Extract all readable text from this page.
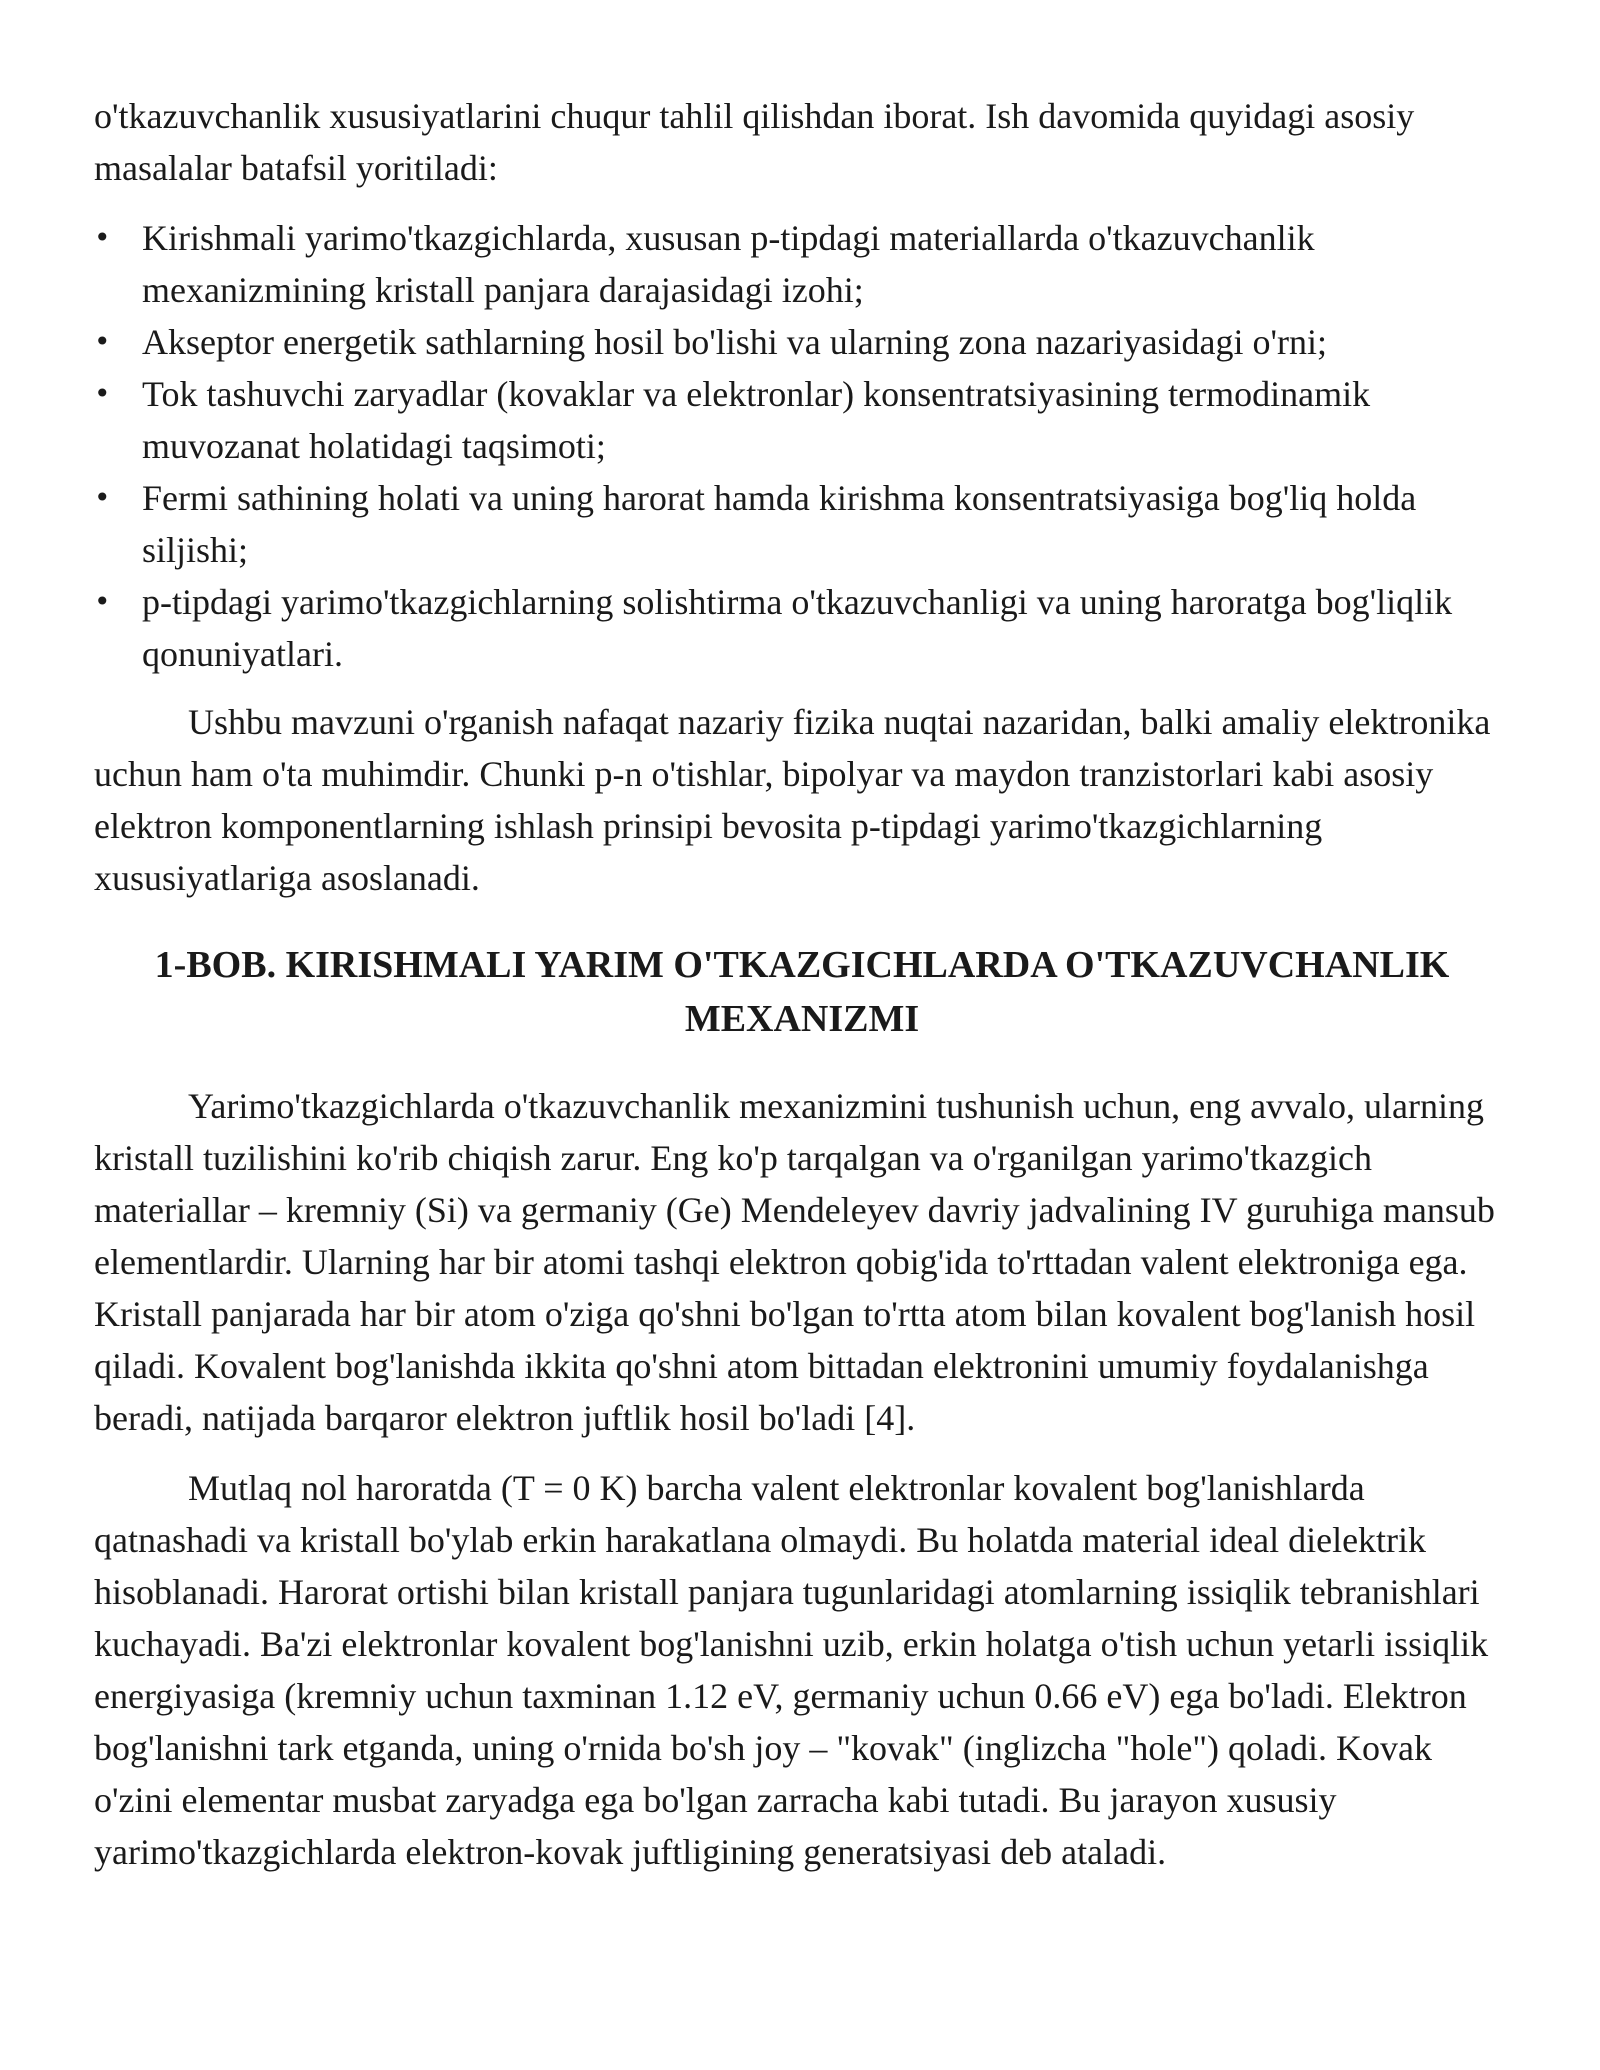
o'tkazuvchanlik xususiyatlarini chuqur tahlil qilishdan iborat. Ish davomida quyidagi asosiy masalalar batafsil yoritiladi:

• Kirishmali yarimo'tkazgichlarda, xususan p-tipdagi materiallarda o'tkazuvchanlik mexanizmining kristall panjara darajasidagi izohi;
• Akseptor energetik sathlarning hosil bo'lishi va ularning zona nazariyasidagi o'rni;
• Tok tashuvchi zaryadlar (kovaklar va elektronlar) konsentratsiyasining termodinamik muvozanat holatidagi taqsimoti;
• Fermi sathining holati va uning harorat hamda kirishma konsentratsiyasiga bog'liq holda siljishi;
• p-tipdagi yarimo'tkazgichlarning solishtirma o'tkazuvchanligi va uning haroratga bog'liqlik qonuniyatlari.

Ushbu mavzuni o'rganish nafaqat nazariy fizika nuqtai nazaridan, balki amaliy elektronika uchun ham o'ta muhimdir. Chunki p-n o'tishlar, bipolyar va maydon tranzistorlari kabi asosiy elektron komponentlarning ishlash prinsipi bevosita p-tipdagi yarimo'tkazgichlarning xususiyatlariga asoslanadi.

1-BOB. KIRISHMALI YARIM O'TKAZGICHLARDA O'TKAZUVCHANLIK MEXANIZMI

Yarimo'tkazgichlarda o'tkazuvchanlik mexanizmini tushunish uchun, eng avvalo, ularning kristall tuzilishini ko'rib chiqish zarur. Eng ko'p tarqalgan va o'rganilgan yarimo'tkazgich materiallar – kremniy (Si) va germaniy (Ge) Mendeleyev davriy jadvalining IV guruhiga mansub elementlardir. Ularning har bir atomi tashqi elektron qobig'ida to'rttadan valent elektroniga ega. Kristall panjarada har bir atom o'ziga qo'shni bo'lgan to'rtta atom bilan kovalent bog'lanish hosil qiladi. Kovalent bog'lanishda ikkita qo'shni atom bittadan elektronini umumiy foydalanishga beradi, natijada barqaror elektron juftlik hosil bo'ladi [4].

Mutlaq nol haroratda (T = 0 K) barcha valent elektronlar kovalent bog'lanishlarda qatnashadi va kristall bo'ylab erkin harakatlana olmaydi. Bu holatda material ideal dielektrik hisoblanadi. Harorat ortishi bilan kristall panjara tugunlaridagi atomlarning issiqlik tebranishlari kuchayadi. Ba'zi elektronlar kovalent bog'lanishni uzib, erkin holatga o'tish uchun yetarli issiqlik energiyasiga (kremniy uchun taxminan 1.12 eV, germaniy uchun 0.66 eV) ega bo'ladi. Elektron bog'lanishni tark etganda, uning o'rnida bo'sh joy – "kovak" (inglizcha "hole") qoladi. Kovak o'zini elementar musbat zaryadga ega bo'lgan zarracha kabi tutadi. Bu jarayon xususiy yarimo'tkazgichlarda elektron-kovak juftligining generatsiyasi deb ataladi.
